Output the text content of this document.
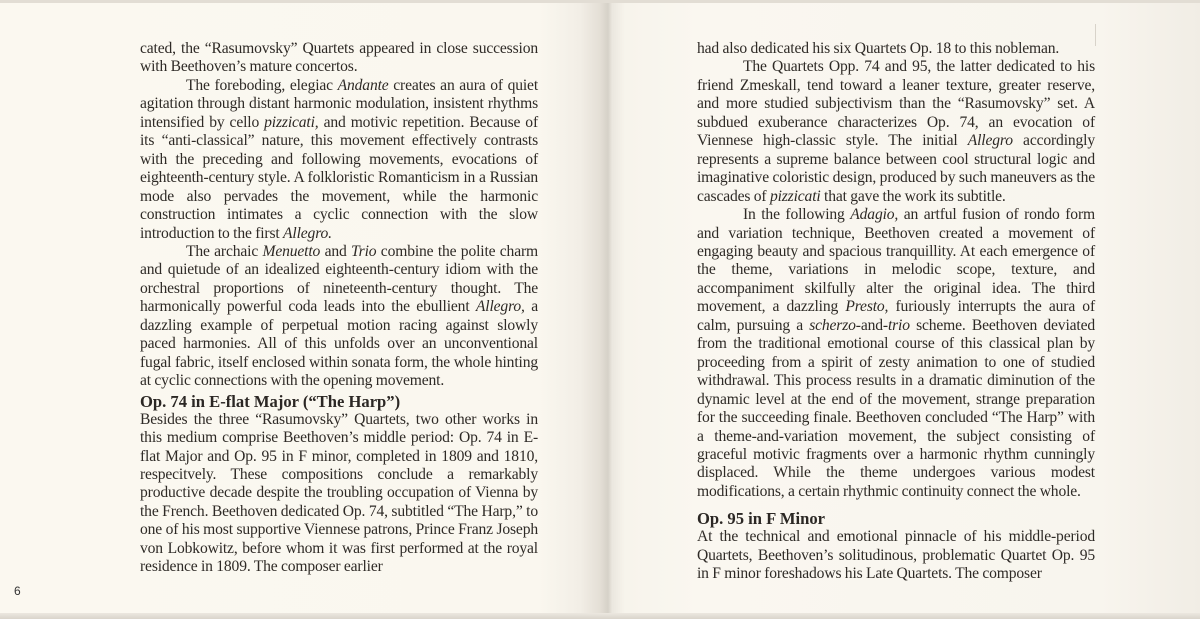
cated, the “Rasumovsky” Quartets appeared in close succession with Beethoven’s mature concertos.

The foreboding, elegiac Andante creates an aura of quiet agitation through distant harmonic modulation, insistent rhythms intensified by cello pizzicati, and motivic repetition. Because of its “anti-classical” nature, this movement effectively contrasts with the preceding and following movements, evocations of eighteenth-century style. A folkloristic Romanticism in a Russian mode also pervades the movement, while the harmonic construction intimates a cyclic connection with the slow introduction to the first Allegro.

The archaic Menuetto and Trio combine the polite charm and quietude of an idealized eighteenth-century idiom with the orchestral proportions of nineteenth-century thought. The harmonically powerful coda leads into the ebullient Allegro, a dazzling example of perpetual motion racing against slowly paced harmonies. All of this unfolds over an unconventional fugal fabric, itself enclosed within sonata form, the whole hinting at cyclic connections with the opening movement.

Op. 74 in E-flat Major (“The Harp”)

Besides the three “Rasumovsky” Quartets, two other works in this medium comprise Beethoven’s middle period: Op. 74 in E-flat Major and Op. 95 in F minor, completed in 1809 and 1810, respecitvely. These compositions conclude a remarkably productive decade despite the troubling occupation of Vienna by the French. Beethoven dedicated Op. 74, subtitled “The Harp,” to one of his most supportive Viennese patrons, Prince Franz Joseph von Lobkowitz, before whom it was first performed at the royal residence in 1809. The composer earlier

6

had also dedicated his six Quartets Op. 18 to this nobleman.

The Quartets Opp. 74 and 95, the latter dedicated to his friend Zmeskall, tend toward a leaner texture, greater reserve, and more studied subjectivism than the “Rasumovsky” set. A subdued exuberance characterizes Op. 74, an evocation of Viennese high-classic style. The initial Allegro accordingly represents a supreme balance between cool structural logic and imaginative coloristic design, produced by such maneuvers as the cascades of pizzicati that gave the work its subtitle.

In the following Adagio, an artful fusion of rondo form and variation technique, Beethoven created a movement of engaging beauty and spacious tranquillity. At each emergence of the theme, variations in melodic scope, texture, and accompaniment skilfully alter the original idea. The third movement, a dazzling Presto, furiously interrupts the aura of calm, pursuing a scherzo-and-trio scheme. Beethoven deviated from the traditional emotional course of this classical plan by proceeding from a spirit of zesty animation to one of studied withdrawal. This process results in a dramatic diminution of the dynamic level at the end of the movement, strange preparation for the succeeding finale. Beethoven concluded “The Harp” with a theme-and-variation movement, the subject consisting of graceful motivic fragments over a harmonic rhythm cunningly displaced. While the theme undergoes various modest modifications, a certain rhythmic continuity connect the whole.

Op. 95 in F Minor

At the technical and emotional pinnacle of his middle-period Quartets, Beethoven’s solitudinous, problematic Quartet Op. 95 in F minor foreshadows his Late Quartets. The composer
